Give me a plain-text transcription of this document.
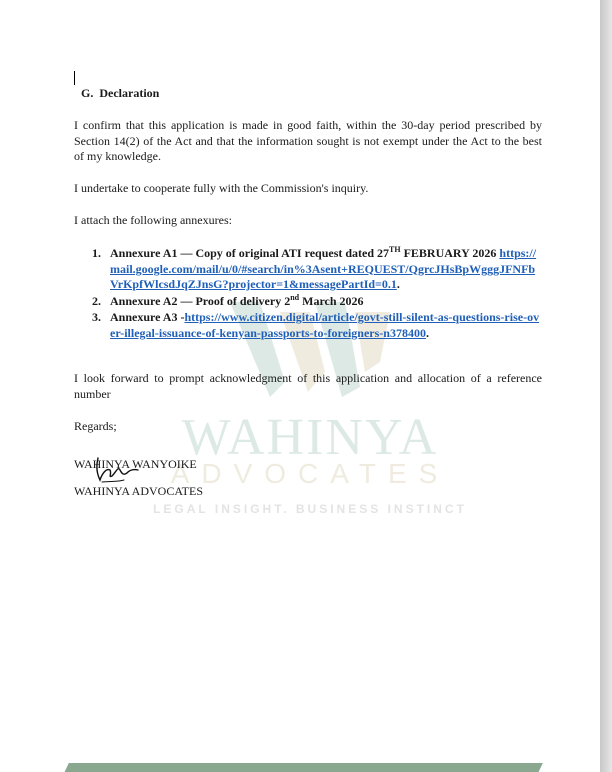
WAHINYA
ADVOCATES
LEGAL INSIGHT. BUSINESS INSTINCT
G. Declaration
I confirm that this application is made in good faith, within the 30-day period prescribed by Section 14(2) of the Act and that the information sought is not exempt under the Act to the best of my knowledge.
I undertake to cooperate fully with the Commission's inquiry.
I attach the following annexures:
1. Annexure A1 — Copy of original ATI request dated 27TH FEBRUARY 2026 https://mail.google.com/mail/u/0/#search/in%3Asent+REQUEST/QgrcJHsBpWgggJFNFbVrKpfWlcsdJqZJnsG?projector=1&messagePartId=0.1.
2. Annexure A2 — Proof of delivery 2nd March 2026
3. Annexure A3 -https://www.citizen.digital/article/govt-still-silent-as-questions-rise-over-illegal-issuance-of-kenyan-passports-to-foreigners-n378400.
I look forward to prompt acknowledgment of this application and allocation of a reference number
Regards;
WAHINYA WANYOIKE
WAHINYA ADVOCATES
